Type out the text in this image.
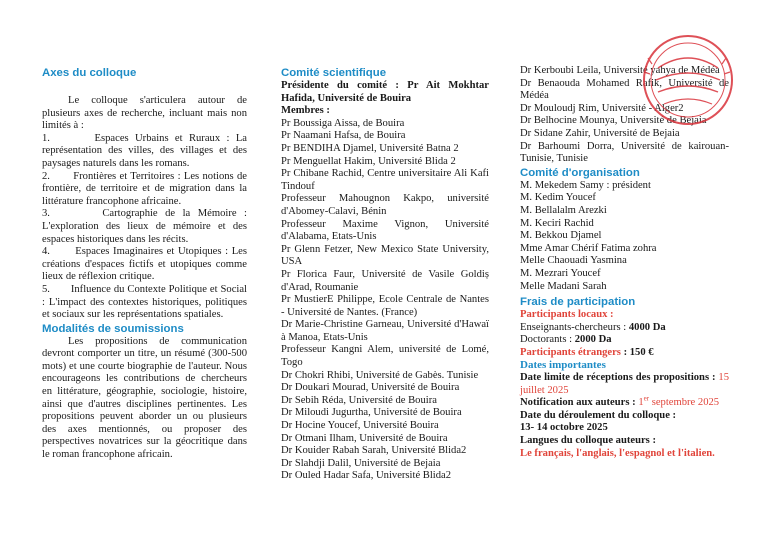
Axes du colloque
Le colloque s'articulera autour de plusieurs axes de recherche, incluant mais non limités à :

1.       Espaces Urbains et Ruraux : La représentation des villes, des villages et des paysages naturels dans les romans.

2.       Frontières et Territoires : Les notions de frontière, de territoire et de migration dans la littérature francophone africaine.

3.       Cartographie de la Mémoire : L'exploration des lieux de mémoire et des espaces historiques dans les récits.

4.       Espaces Imaginaires et Utopiques : Les créations d'espaces fictifs et utopiques comme lieux de réflexion critique.

5.       Influence du Contexte Politique et Social : L'impact des contextes historiques, politiques et sociaux sur les représentations spatiales.

Modalités de soumissions
Les propositions de communication devront comporter un titre, un résumé (300-500 mots) et une courte biographie de l'auteur. Nous encourageons les contributions de chercheurs en littérature, géographie, sociologie, histoire, ainsi que d'autres disciplines pertinentes. Les propositions peuvent aborder un ou plusieurs des axes mentionnés, ou proposer des perspectives novatrices sur la géocritique dans le roman francophone africain.
Comité scientifique
Présidente du comité : Pr Ait Mokhtar Hafida, Université de Bouira
Membres :
Pr Boussiga Aissa, de Bouira
Pr Naamani Hafsa, de Bouira
Pr BENDIHA Djamel, Université Batna 2
Pr Menguellat Hakim, Université Blida 2
Pr Chibane Rachid, Centre universitaire Ali Kafi Tindouf
Professeur Mahougnon Kakpo, université d'Abomey-Calavi, Bénin
Professeur Maxime Vignon, Université d'Alabama, Etats-Unis
Pr Glenn Fetzer, New Mexico State University, USA
Pr Florica Faur, Université de Vasile Goldiș d'Arad, Roumanie
Pr MustierE Philippe, Ecole Centrale de Nantes - Université de Nantes. (France)
Dr Marie-Christine Garneau, Université d'Hawaï à Manoa, Etats-Unis
Professeur Kangni Alem, université de Lomé, Togo
Dr Chokri Rhibi, Université de Gabès. Tunisie
Dr Doukari Mourad, Université de Bouira
Dr Sebih Réda, Université de Bouira
Dr Miloudi Jugurtha, Université de Bouira
Dr Hocine Youcef, Université Bouira
Dr Otmani Ilham, Université de Bouira
Dr Kouider Rabah Sarah, Université Blida2
Dr Slahdji Dalil, Université de Bejaia
Dr Ouled Hadar Safa, Université Blida2
Dr Kerboubi Leila, Université yahya de Médéa
Dr Benaouda Mohamed Rafik, Université de Médéa
Dr Mouloudj Rim, Université - Alger2
Dr Belhocine Mounya, Université de Bejaia
Dr Sidane Zahir, Université de Bejaia
Dr Barhoumi Dorra, Université de kairouan-Tunisie, Tunisie
Comité d'organisation
M. Mekedem Samy : président
M. Kedim Youcef
M. Bellalalm Arezki
M. Keciri Rachid
M. Bekkou Djamel
Mme Amar Chérif Fatima zohra
Melle Chaouadi Yasmina
M. Mezrari Youcef
Melle Madani Sarah
Frais de participation
Participants locaux :
Enseignants-chercheurs : 4000 Da
Doctorants : 2000 Da
Participants étrangers : 150 €
Dates importantes
Date limite de réceptions des propositions : 15 juillet 2025
Notification aux auteurs : 1er septembre 2025
Date du déroulement du colloque :
13- 14 octobre 2025
Langues du colloque auteurs :
Le français, l'anglais, l'espagnol et l'italien.
